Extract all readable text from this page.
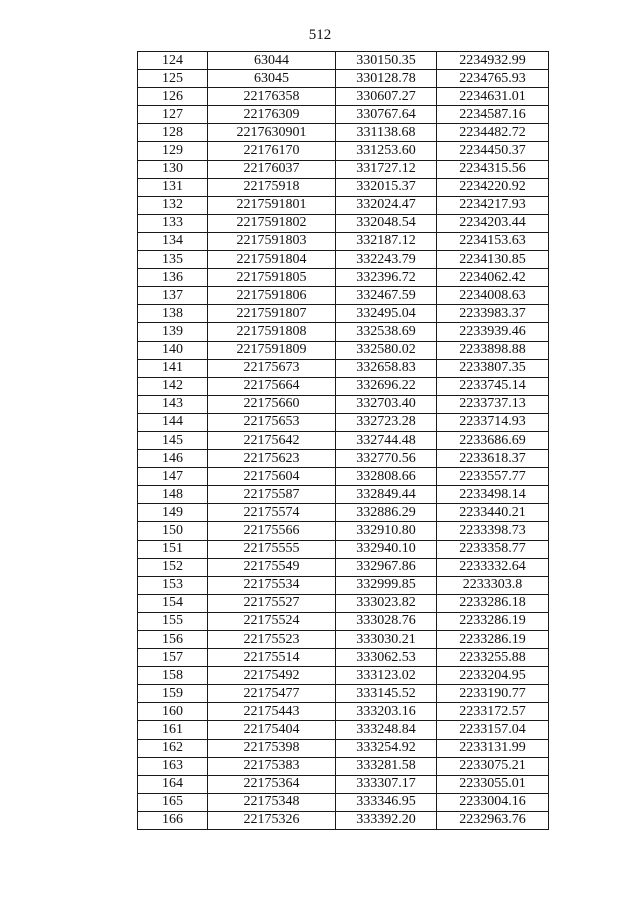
512
124	63044	330150.35	2234932.99
125	63045	330128.78	2234765.93
126	22176358	330607.27	2234631.01
127	22176309	330767.64	2234587.16
128	2217630901	331138.68	2234482.72
129	22176170	331253.60	2234450.37
130	22176037	331727.12	2234315.56
131	22175918	332015.37	2234220.92
132	2217591801	332024.47	2234217.93
133	2217591802	332048.54	2234203.44
134	2217591803	332187.12	2234153.63
135	2217591804	332243.79	2234130.85
136	2217591805	332396.72	2234062.42
137	2217591806	332467.59	2234008.63
138	2217591807	332495.04	2233983.37
139	2217591808	332538.69	2233939.46
140	2217591809	332580.02	2233898.88
141	22175673	332658.83	2233807.35
142	22175664	332696.22	2233745.14
143	22175660	332703.40	2233737.13
144	22175653	332723.28	2233714.93
145	22175642	332744.48	2233686.69
146	22175623	332770.56	2233618.37
147	22175604	332808.66	2233557.77
148	22175587	332849.44	2233498.14
149	22175574	332886.29	2233440.21
150	22175566	332910.80	2233398.73
151	22175555	332940.10	2233358.77
152	22175549	332967.86	2233332.64
153	22175534	332999.85	2233303.8
154	22175527	333023.82	2233286.18
155	22175524	333028.76	2233286.19
156	22175523	333030.21	2233286.19
157	22175514	333062.53	2233255.88
158	22175492	333123.02	2233204.95
159	22175477	333145.52	2233190.77
160	22175443	333203.16	2233172.57
161	22175404	333248.84	2233157.04
162	22175398	333254.92	2233131.99
163	22175383	333281.58	2233075.21
164	22175364	333307.17	2233055.01
165	22175348	333346.95	2233004.16
166	22175326	333392.20	2232963.76
